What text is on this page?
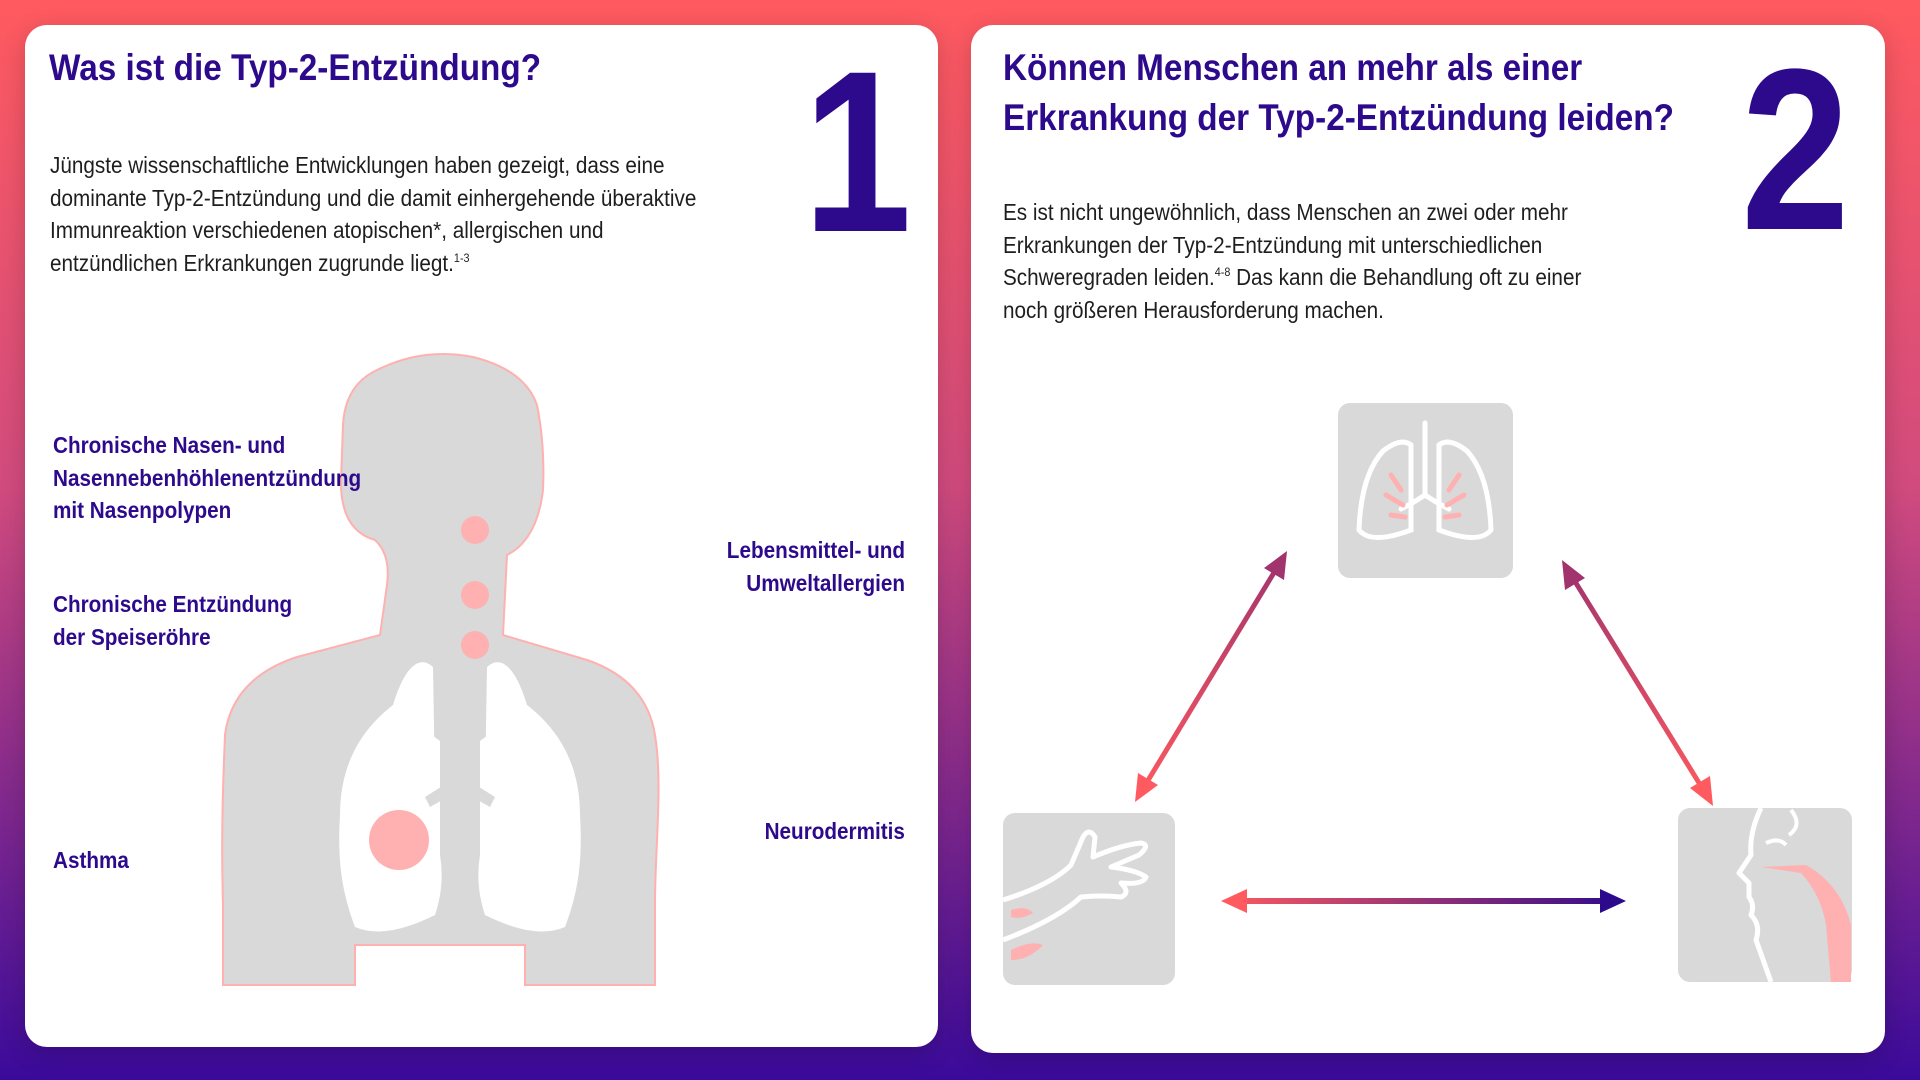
Was ist die Typ-2-Entzündung? 1
Jüngste wissenschaftliche Entwicklungen haben gezeigt, dass eine
dominante Typ-2-Entzündung und die damit einhergehende überaktive
Immunreaktion verschiedenen atopischen*, allergischen und
entzündlichen Erkrankungen zugrunde liegt.$^{1-3}$
Chronische Nasen- und
Nasennebenhöhlenentzündung
mit Nasenpolypen
Chronische Entzündung
der Speiseröhre
Lebensmittel- und
Umweltallergien
Asthma
Neurodermitis
Können Menschen an mehr als einer
Erkrankung der Typ-2-Entzündung leiden? 2
Es ist nicht ungewöhnlich, dass Menschen an zwei oder mehr
Erkrankungen der Typ-2-Entzündung mit unterschiedlichen
Schweregraden leiden.$^{4-8}$ Das kann die Behandlung oft zu einer
noch größeren Herausforderung machen.
